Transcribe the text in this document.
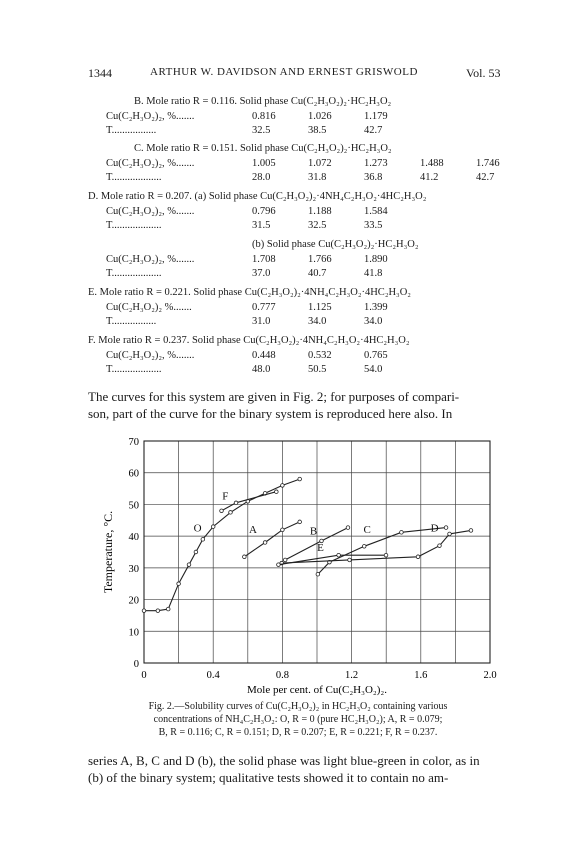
1344	ARTHUR W. DAVIDSON AND ERNEST GRISWOLD	Vol. 53
B. Mole ratio R = 0.116. Solid phase Cu(C₂H₃O₂)₂·HC₂H₃O₂
Cu(C₂H₃O₂)₂, %.......	0.816	1.026	1.179
T.................	32.5	38.5	42.7
C. Mole ratio R = 0.151. Solid phase Cu(C₂H₃O₂)₂·HC₂H₃O₂
Cu(C₂H₃O₂)₂, %.......	1.005	1.072	1.273	1.488	1.746
T...................	28.0	31.8	36.8	41.2	42.7
D. Mole ratio R = 0.207. (a) Solid phase Cu(C₂H₃O₂)₂·4NH₄C₂H₃O₂·4HC₂H₃O₂
Cu(C₂H₃O₂)₂, %.......	0.796	1.188	1.584
T...................	31.5	32.5	33.5
(b) Solid phase Cu(C₂H₃O₂)₂·HC₂H₃O₂
Cu(C₂H₃O₂)₂, %.......	1.708	1.766	1.890
T...................	37.0	40.7	41.8
E. Mole ratio R = 0.221. Solid phase Cu(C₂H₃O₂)₂·4NH₄C₂H₃O₂·4HC₂H₃O₂
Cu(C₂H₃O₂)₂ %.......	0.777	1.125	1.399
T.................	31.0	34.0	34.0
F. Mole ratio R = 0.237. Solid phase Cu(C₂H₃O₂)₂·4NH₄C₂H₃O₂·4HC₂H₃O₂
Cu(C₂H₃O₂)₂, %.......	0.448	0.532	0.765
T...................	48.0	50.5	54.0
The curves for this system are given in Fig. 2; for purposes of compari-
son, part of the curve for the binary system is reproduced here also. In
0	0.4	0.8	1.2	1.6	2.0
0
10
20
30
40
50
60
70
O	A	B	C	D
E
F
Temperature, °C.
Mole per cent. of Cu(C₂H₃O₂)₂.
Fig. 2.—Solubility curves of Cu(C₂H₃O₂)₂ in HC₂H₃O₂ containing various
concentrations of NH₄C₂H₃O₂: O, R = 0 (pure HC₂H₃O₂); A, R = 0.079;
B, R = 0.116; C, R = 0.151; D, R = 0.207; E, R = 0.221; F, R = 0.237.
series A, B, C and D (b), the solid phase was light blue-green in color, as in
(b) of the binary system; qualitative tests showed it to contain no am-
